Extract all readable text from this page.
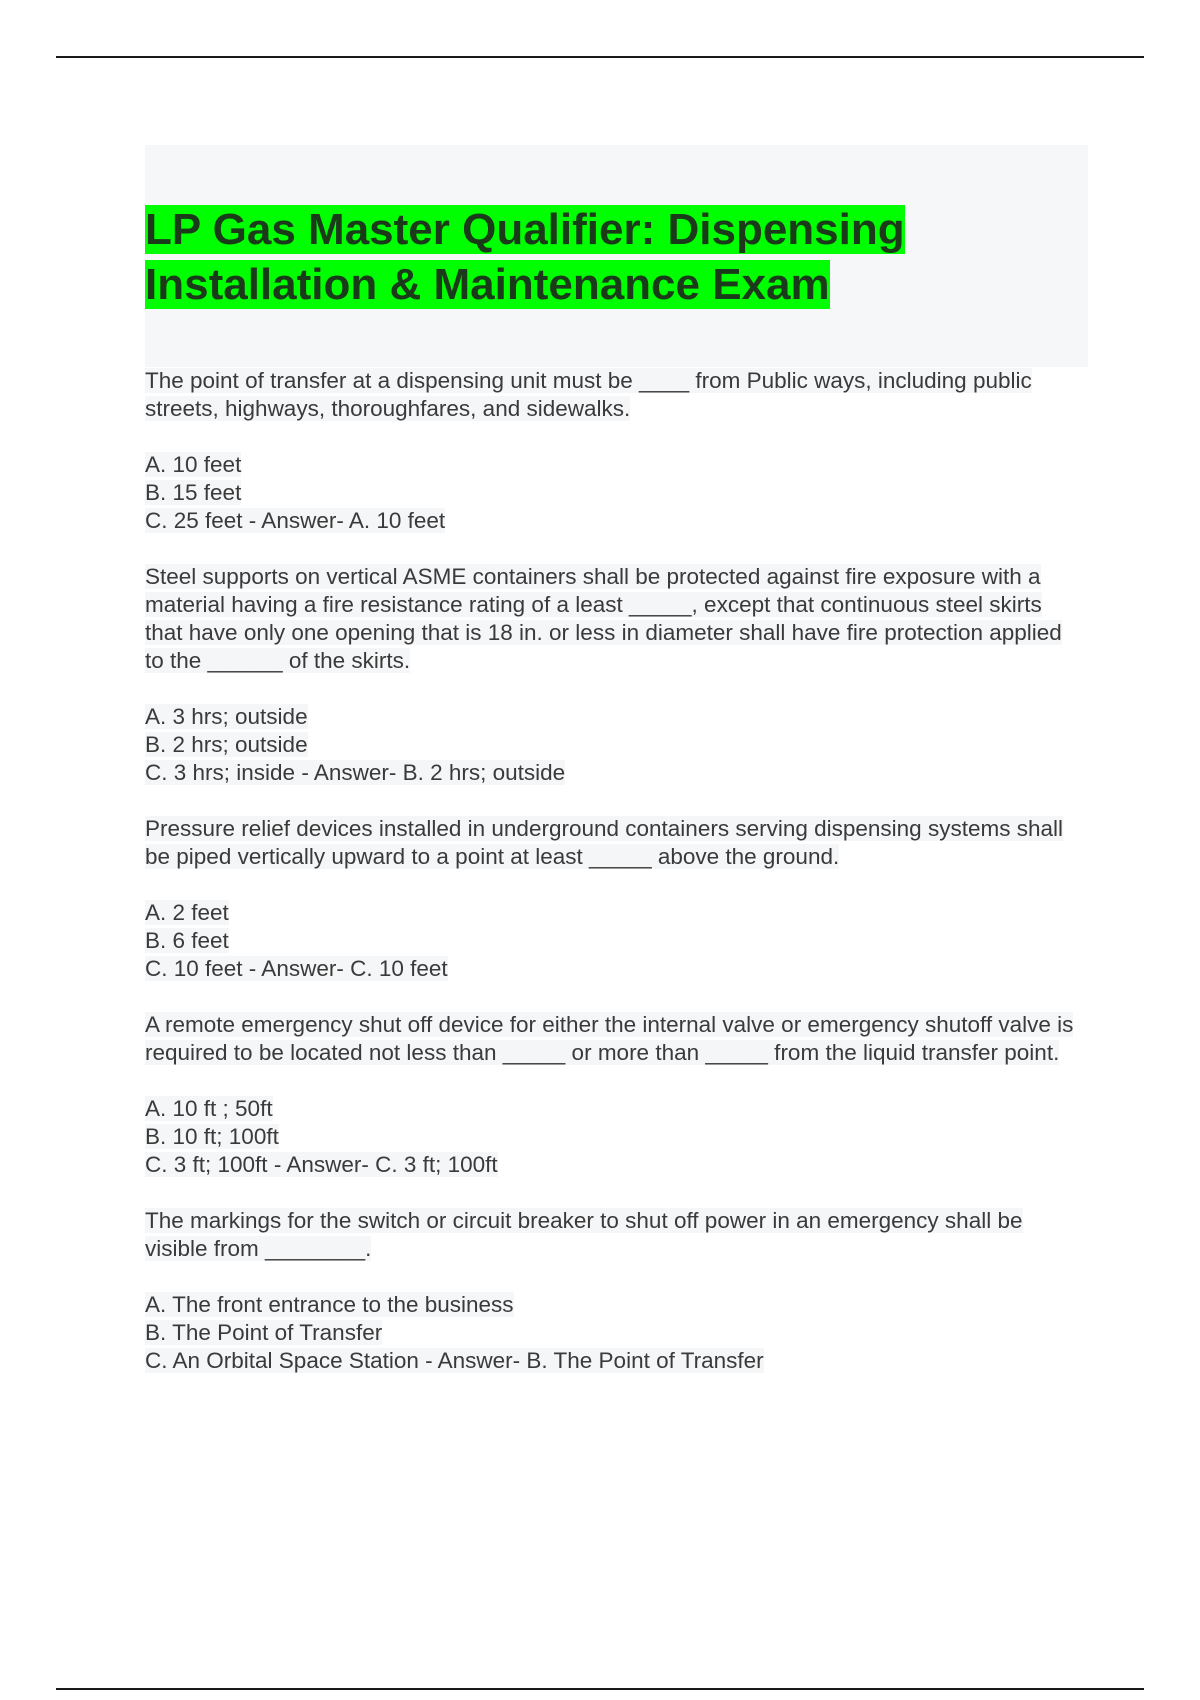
LP Gas Master Qualifier: Dispensing
Installation & Maintenance Exam

The point of transfer at a dispensing unit must be ____ from Public ways, including public streets, highways, thoroughfares, and sidewalks.

A. 10 feet
B. 15 feet
C. 25 feet - Answer- A. 10 feet

Steel supports on vertical ASME containers shall be protected against fire exposure with a material having a fire resistance rating of a least _____, except that continuous steel skirts that have only one opening that is 18 in. or less in diameter shall have fire protection applied to the ______ of the skirts.

A. 3 hrs; outside
B. 2 hrs; outside
C. 3 hrs; inside - Answer- B. 2 hrs; outside

Pressure relief devices installed in underground containers serving dispensing systems shall be piped vertically upward to a point at least _____ above the ground.

A. 2 feet
B. 6 feet
C. 10 feet - Answer- C. 10 feet

A remote emergency shut off device for either the internal valve or emergency shutoff valve is required to be located not less than _____ or more than _____ from the liquid transfer point.

A. 10 ft ; 50ft
B. 10 ft; 100ft
C. 3 ft; 100ft - Answer- C. 3 ft; 100ft

The markings for the switch or circuit breaker to shut off power in an emergency shall be visible from ________.

A. The front entrance to the business
B. The Point of Transfer
C. An Orbital Space Station - Answer- B. The Point of Transfer
